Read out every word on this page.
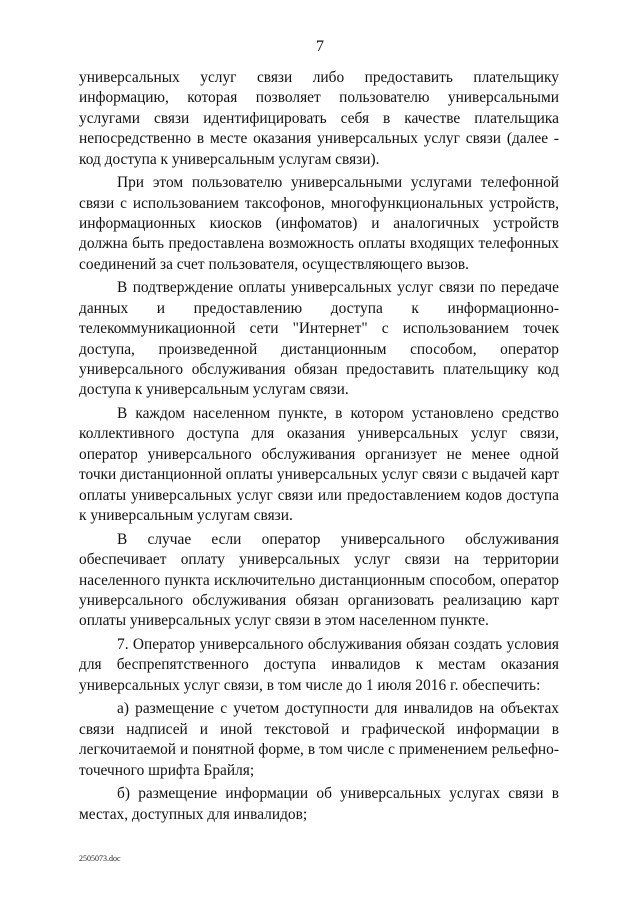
7

универсальных услуг связи либо предоставить плательщику информацию, которая позволяет пользователю универсальными услугами связи идентифицировать себя в качестве плательщика непосредственно в месте оказания универсальных услуг связи (далее - код доступа к универсальным услугам связи).

При этом пользователю универсальными услугами телефонной связи с использованием таксофонов, многофункциональных устройств, информационных киосков (инфоматов) и аналогичных устройств должна быть предоставлена возможность оплаты входящих телефонных соединений за счет пользователя, осуществляющего вызов.

В подтверждение оплаты универсальных услуг связи по передаче данных и предоставлению доступа к информационно-телекоммуникационной сети "Интернет" с использованием точек доступа, произведенной дистанционным способом, оператор универсального обслуживания обязан предоставить плательщику код доступа к универсальным услугам связи.

В каждом населенном пункте, в котором установлено средство коллективного доступа для оказания универсальных услуг связи, оператор универсального обслуживания организует не менее одной точки дистанционной оплаты универсальных услуг связи с выдачей карт оплаты универсальных услуг связи или предоставлением кодов доступа к универсальным услугам связи.

В случае если оператор универсального обслуживания обеспечивает оплату универсальных услуг связи на территории населенного пункта исключительно дистанционным способом, оператор универсального обслуживания обязан организовать реализацию карт оплаты универсальных услуг связи в этом населенном пункте.

7. Оператор универсального обслуживания обязан создать условия для беспрепятственного доступа инвалидов к местам оказания универсальных услуг связи, в том числе до 1 июля 2016 г. обеспечить:

а) размещение с учетом доступности для инвалидов на объектах связи надписей и иной текстовой и графической информации в легкочитаемой и понятной форме, в том числе с применением рельефно-точечного шрифта Брайля;

б) размещение информации об универсальных услугах связи в местах, доступных для инвалидов;

2505073.doc
